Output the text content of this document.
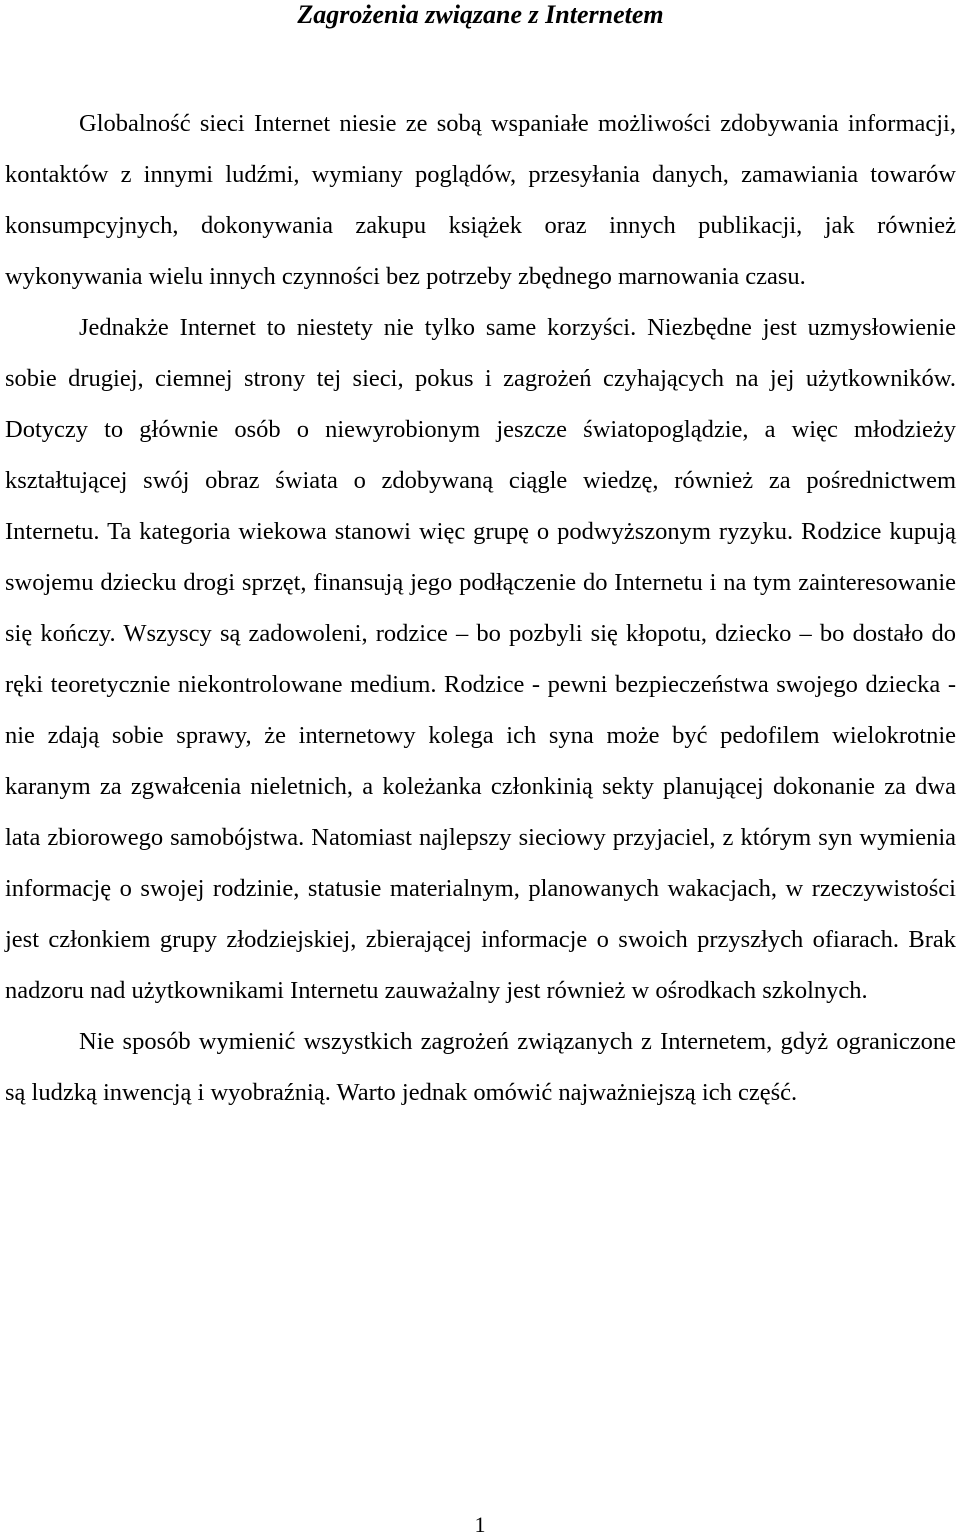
Zagrożenia związane z Internetem

Globalność sieci Internet niesie ze sobą wspaniałe możliwości zdobywania informacji, kontaktów z innymi ludźmi, wymiany poglądów, przesyłania danych, zamawiania towarów konsumpcyjnych, dokonywania zakupu książek oraz innych publikacji, jak również wykonywania wielu innych czynności bez potrzeby zbędnego marnowania czasu.

Jednakże Internet to niestety nie tylko same korzyści. Niezbędne jest uzmysłowienie sobie drugiej, ciemnej strony tej sieci, pokus i zagrożeń czyhających na jej użytkowników. Dotyczy to głównie osób o niewyrobionym jeszcze światopoglądzie, a więc młodzieży kształtującej swój obraz świata o zdobywaną ciągle wiedzę, również za pośrednictwem Internetu. Ta kategoria wiekowa stanowi więc grupę o podwyższonym ryzyku. Rodzice kupują swojemu dziecku drogi sprzęt, finansują jego podłączenie do Internetu i na tym zainteresowanie się kończy. Wszyscy są zadowoleni, rodzice – bo pozbyli się kłopotu, dziecko – bo dostało do ręki teoretycznie niekontrolowane medium. Rodzice - pewni bezpieczeństwa swojego dziecka - nie zdają sobie sprawy, że internetowy kolega ich syna może być pedofilem wielokrotnie karanym za zgwałcenia nieletnich, a koleżanka członkinią sekty planującej dokonanie za dwa lata zbiorowego samobójstwa. Natomiast najlepszy sieciowy przyjaciel, z którym syn wymienia informację o swojej rodzinie, statusie materialnym, planowanych wakacjach, w rzeczywistości jest członkiem grupy złodziejskiej, zbierającej informacje o swoich przyszłych ofiarach. Brak nadzoru nad użytkownikami Internetu zauważalny jest również w ośrodkach szkolnych.

Nie sposób wymienić wszystkich zagrożeń związanych z Internetem, gdyż ograniczone są ludzką inwencją i wyobraźnią. Warto jednak omówić najważniejszą ich część.

1
